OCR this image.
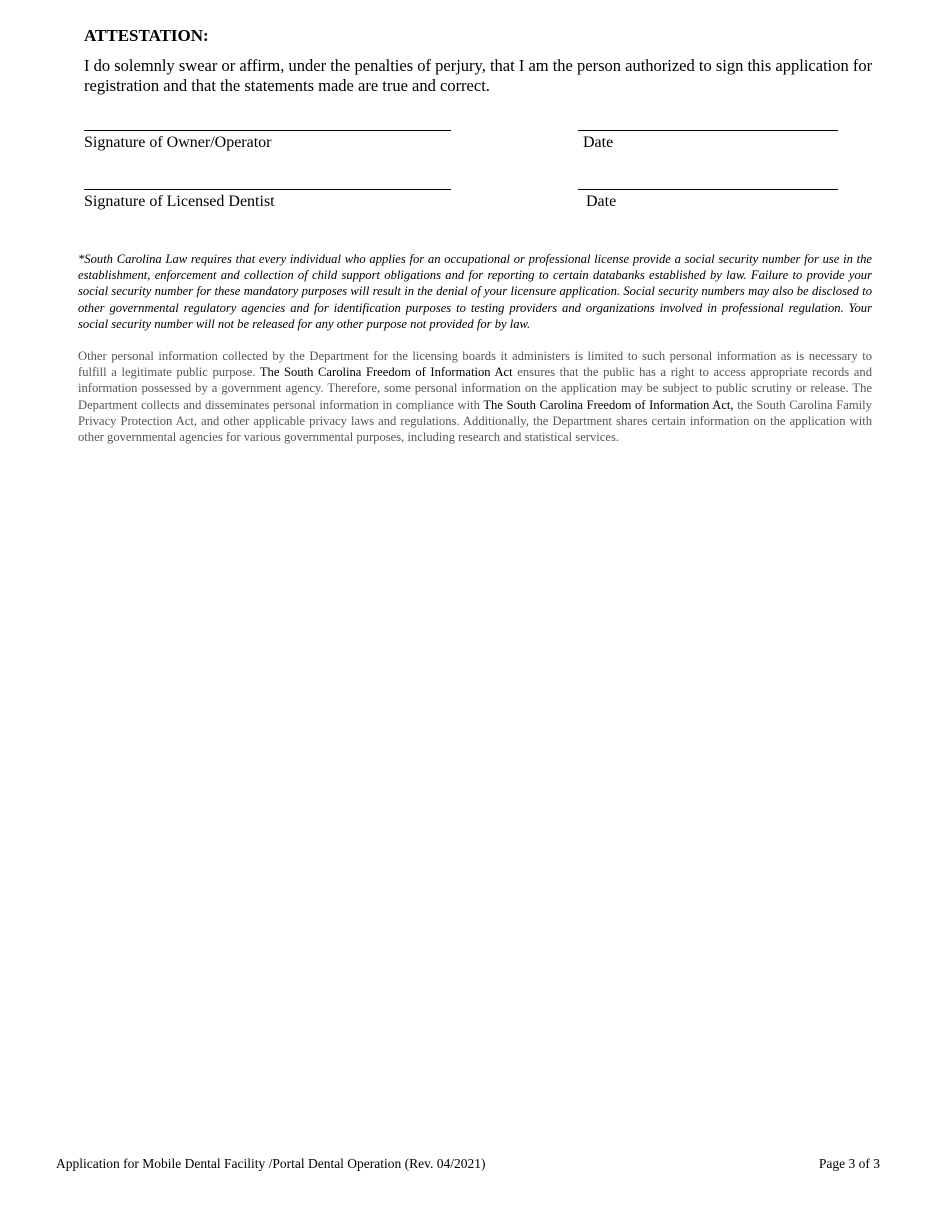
ATTESTATION:
I do solemnly swear or affirm, under the penalties of perjury, that I am the person authorized to sign this application for registration and that the statements made are true and correct.
Signature of Owner/Operator	Date
Signature of Licensed Dentist	Date
*South Carolina Law requires that every individual who applies for an occupational or professional license provide a social security number for use in the establishment, enforcement and collection of child support obligations and for reporting to certain databanks established by law. Failure to provide your social security number for these mandatory purposes will result in the denial of your licensure application. Social security numbers may also be disclosed to other governmental regulatory agencies and for identification purposes to testing providers and organizations involved in professional regulation. Your social security number will not be released for any other purpose not provided for by law.
Other personal information collected by the Department for the licensing boards it administers is limited to such personal information as is necessary to fulfill a legitimate public purpose. The South Carolina Freedom of Information Act ensures that the public has a right to access appropriate records and information possessed by a government agency. Therefore, some personal information on the application may be subject to public scrutiny or release. The Department collects and disseminates personal information in compliance with The South Carolina Freedom of Information Act, the South Carolina Family Privacy Protection Act, and other applicable privacy laws and regulations. Additionally, the Department shares certain information on the application with other governmental agencies for various governmental purposes, including research and statistical services.
Application for Mobile Dental Facility /Portal Dental Operation (Rev. 04/2021)	Page 3 of 3
